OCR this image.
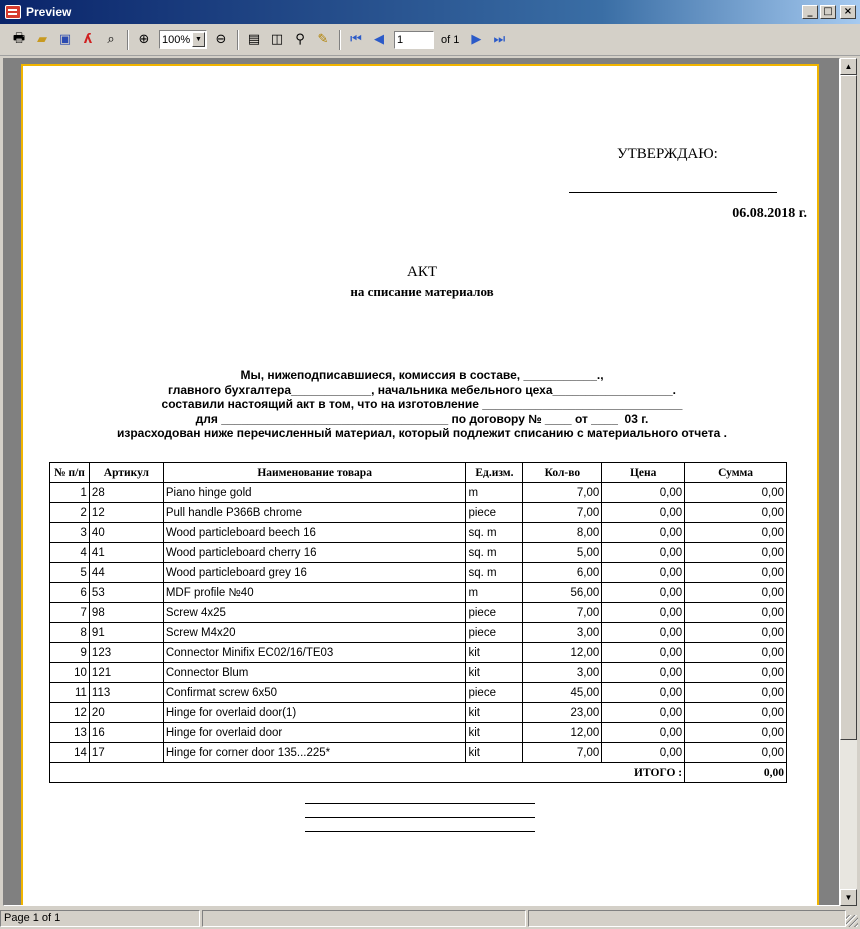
Preview	_	□	×
🖶 ▰ ▣ ʎ	⌕	⊕	100% ▼	⊖	▤ ◫ ⚲ ✎	⏮ ◀
1	of 1 ▶ ⏭
УТВЕРЖДАЮ:
06.08.2018 г.
АКТ
на списание материалов
Мы, нижеподписавшиеся, комиссия в составе, ___________.,
главного бухгалтера____________, начальника мебельного цеха__________________.
составили настоящий акт в том, что на изготовление ______________________________
для __________________________________ по договору № ____ от ____  03 г.
израсходован ниже перечисленный материал, который подлежит списанию с материального отчета .
№ п/п	Артикул	Наименование товара	Ед.изм.	Кол-во	Цена	Сумма
1	28	Piano hinge gold	m	7,00	0,00	0,00
2	12	Pull handle P366B chrome	piece	7,00	0,00	0,00
3	40	Wood particleboard beech 16	sq. m	8,00	0,00	0,00
4	41	Wood particleboard cherry 16	sq. m	5,00	0,00	0,00
5	44	Wood particleboard grey 16	sq. m	6,00	0,00	0,00
6	53	MDF profile №40	m	56,00	0,00	0,00
7	98	Screw 4x25	piece	7,00	0,00	0,00
8	91	Screw M4x20	piece	3,00	0,00	0,00
9	123	Connector Minifix EC02/16/TE03	kit	12,00	0,00	0,00
10	121	Connector Blum	kit	3,00	0,00	0,00
11	113	Confirmat screw 6x50	piece	45,00	0,00	0,00
12	20	Hinge for overlaid door(1)	kit	23,00	0,00	0,00
13	16	Hinge for overlaid door	kit	12,00	0,00	0,00
14	17	Hinge for corner door 135...225*	kit	7,00	0,00	0,00
ИТОГО :						0,00
▲
▼
Page 1 of 1
